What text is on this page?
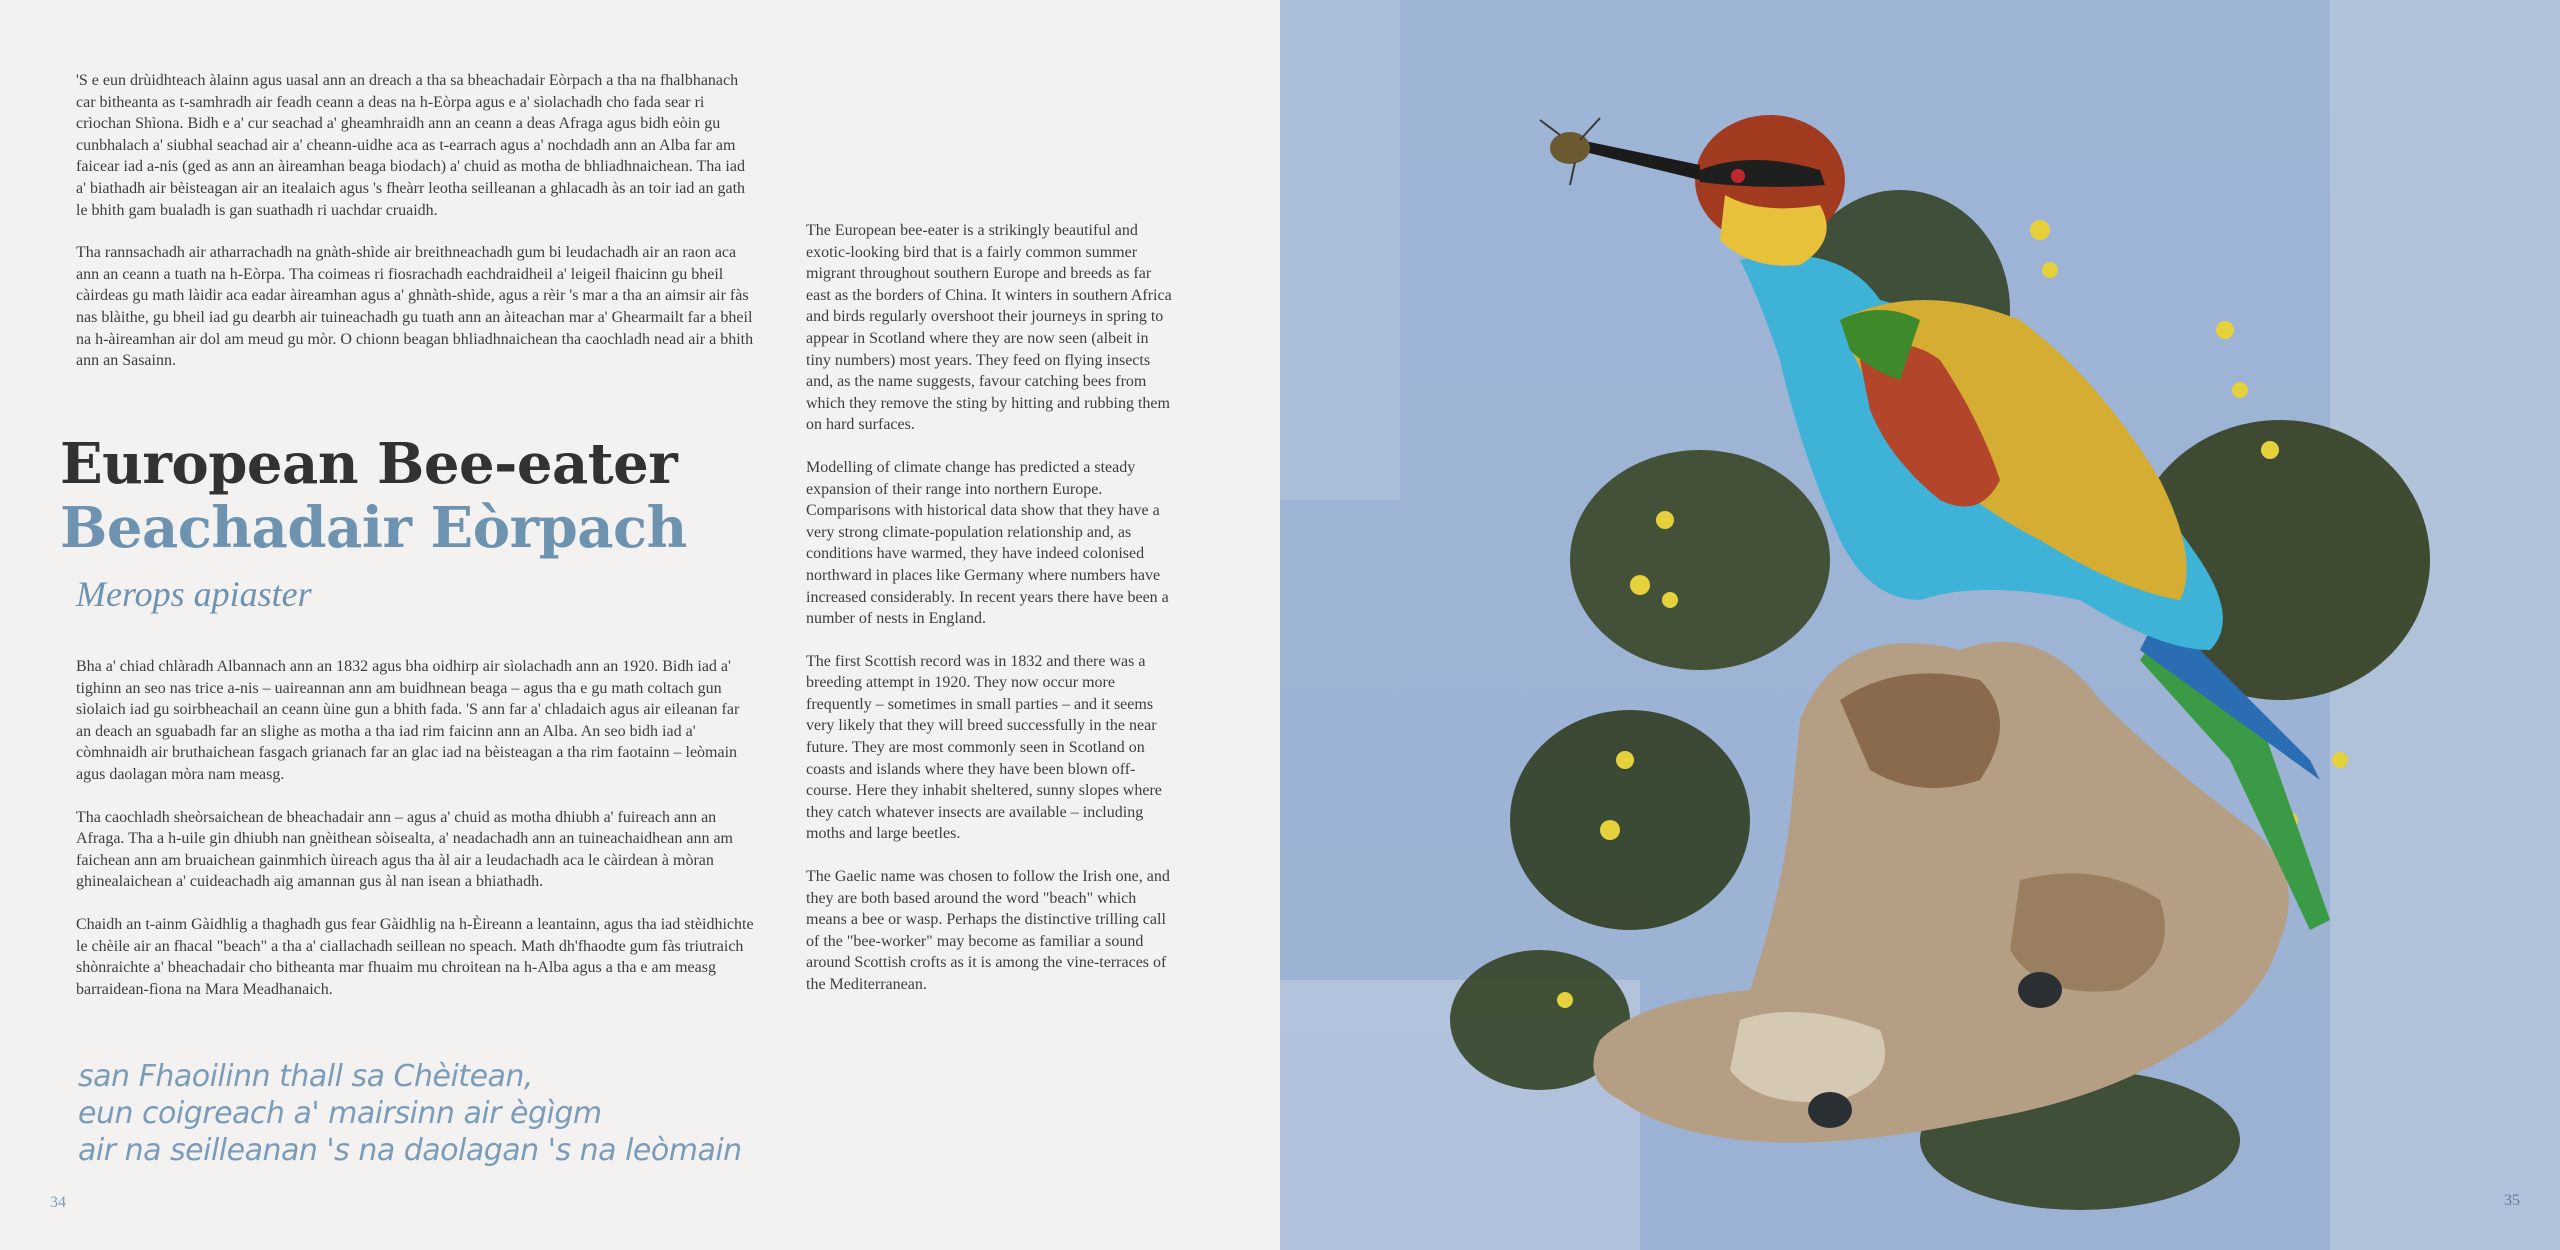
'S e eun drùidhteach àlainn agus uasal ann an dreach a tha sa bheachadair Eòrpach a tha na fhalbhanach car bitheanta as t-samhradh air feadh ceann a deas na h-Eòrpa agus e a' sìolachadh cho fada sear ri crìochan Shìona. Bidh e a' cur seachad a' gheamhraidh ann an ceann a deas Afraga agus bidh eòin gu cunbhalach a' siubhal seachad air a' cheann-uidhe aca as t-earrach agus a' nochdadh ann an Alba far am faicear iad a-nis (ged as ann an àireamhan beaga biodach) a' chuid as motha de bhliadhnaichean. Tha iad a' biathadh air bèisteagan air an itealaich agus 's fheàrr leotha seilleanan a ghlacadh às an toir iad an gath le bhith gam bualadh is gan suathadh ri uachdar cruaidh.

Tha rannsachadh air atharrachadh na gnàth-shìde air breithneachadh gum bi leudachadh air an raon aca ann an ceann a tuath na h-Eòrpa. Tha coimeas ri fiosrachadh eachdraidheil a' leigeil fhaicinn gu bheil càirdeas gu math làidir aca eadar àireamhan agus a' ghnàth-shìde, agus a rèir 's mar a tha an aimsir air fàs nas blàithe, gu bheil iad gu dearbh air tuineachadh gu tuath ann an àiteachan mar a' Ghearmailt far a bheil na h-àireamhan air dol am meud gu mòr. O chionn beagan bhliadhnaichean tha caochladh nead air a bhith ann an Sasainn.

European Bee-eater
Beachadair Eòrpach
Merops apiaster

Bha a' chiad chlàradh Albannach ann an 1832 agus bha oidhirp air sìolachadh ann an 1920. Bidh iad a' tighinn an seo nas trice a-nis – uaireannan ann am buidhnean beaga – agus tha e gu math coltach gun sìolaich iad gu soirbheachail an ceann ùine gun a bhith fada. 'S ann far a' chladaich agus air eileanan far an deach an sguabadh far an slighe as motha a tha iad rim faicinn ann an Alba. An seo bidh iad a' còmhnaidh air bruthaichean fasgach grianach far an glac iad na bèisteagan a tha rim faotainn – leòmain agus daolagan mòra nam measg.

Tha caochladh sheòrsaichean de bheachadair ann – agus a' chuid as motha dhiubh a' fuireach ann an Afraga. Tha a h-uile gin dhiubh nan gnèithean sòisealta, a' neadachadh ann an tuineachaidhean ann am faichean ann am bruaichean gainmhich ùireach agus tha àl air a leudachadh aca le càirdean à mòran ghinealaichean a' cuideachadh aig amannan gus àl nan isean a bhiathadh.

Chaidh an t-ainm Gàidhlig a thaghadh gus fear Gàidhlig na h-Èireann a leantainn, agus tha iad stèidhichte le chèile air an fhacal "beach" a tha a' ciallachadh seillean no speach. Math dh'fhaodte gum fàs triutraich shònraichte a' bheachadair cho bitheanta mar fhuaim mu chroitean na h-Alba agus a tha e am measg barraidean-fìona na Mara Meadhanaich.

san Fhaoilinn thall sa Chèitean,
eun coigreach a' mairsinn air ègìgm
air na seilleanan 's na daolagan 's na leòmain

The European bee-eater is a strikingly beautiful and exotic-looking bird that is a fairly common summer migrant throughout southern Europe and breeds as far east as the borders of China. It winters in southern Africa and birds regularly overshoot their journeys in spring to appear in Scotland where they are now seen (albeit in tiny numbers) most years. They feed on flying insects and, as the name suggests, favour catching bees from which they remove the sting by hitting and rubbing them on hard surfaces.

Modelling of climate change has predicted a steady expansion of their range into northern Europe. Comparisons with historical data show that they have a very strong climate-population relationship and, as conditions have warmed, they have indeed colonised northward in places like Germany where numbers have increased considerably. In recent years there have been a number of nests in England.

The first Scottish record was in 1832 and there was a breeding attempt in 1920. They now occur more frequently – sometimes in small parties – and it seems very likely that they will breed successfully in the near future. They are most commonly seen in Scotland on coasts and islands where they have been blown off-course. Here they inhabit sheltered, sunny slopes where they catch whatever insects are available – including moths and large beetles.

The Gaelic name was chosen to follow the Irish one, and they are both based around the word "beach" which means a bee or wasp. Perhaps the distinctive trilling call of the "bee-worker" may become as familiar a sound around Scottish crofts as it is among the vine-terraces of the Mediterranean.

34	35
